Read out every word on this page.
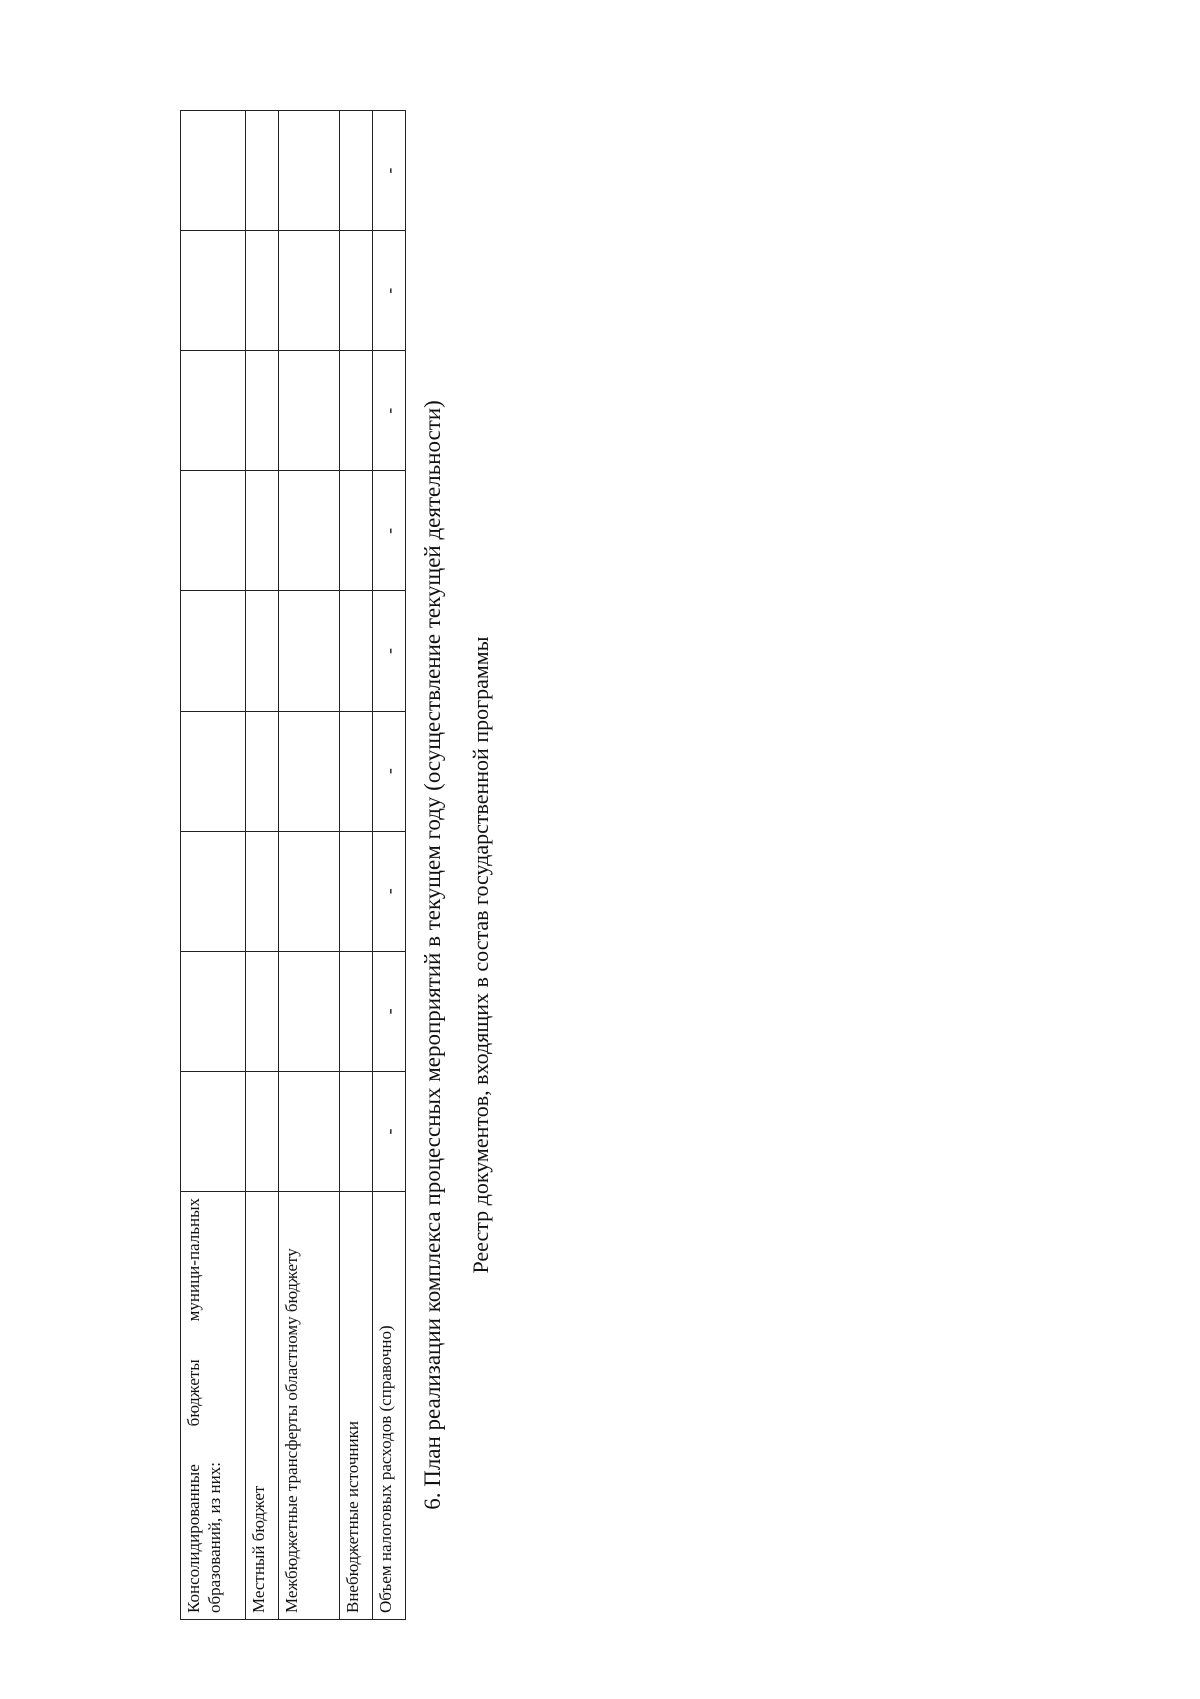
Консолидированные бюджеты муници-пальных образований, из них:									
Местный бюджет									
Межбюджетные трансферты областному бюджету									
Внебюджетные источники									
Объем налоговых расходов (справочно)	-	-	-	-	-	-	-	-	-
6. План реализации комплекса процессных мероприятий в текущем году (осуществление текущей деятельности) Реестр документов, входящих в состав государственной программы
